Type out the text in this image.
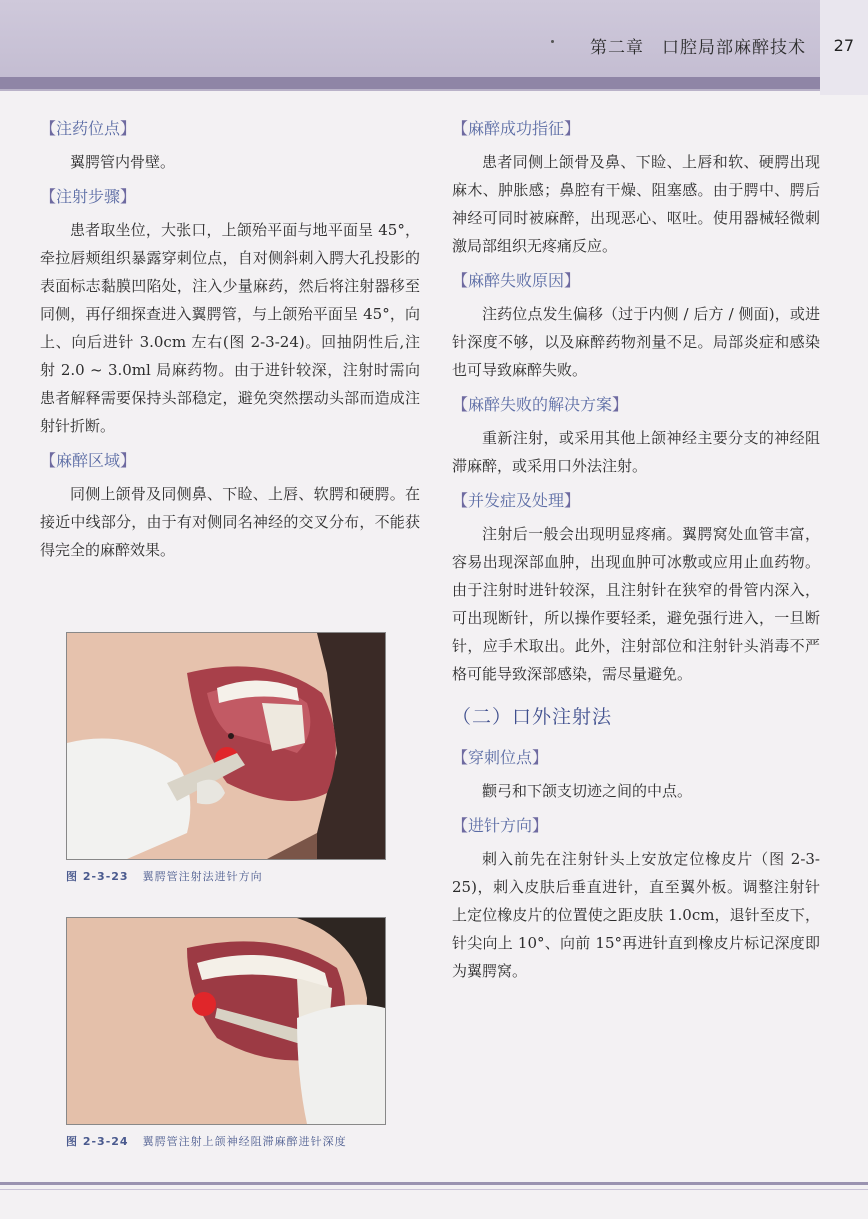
第二章　口腔局部麻醉技术 27
【注药位点】

翼腭管内骨壁。

【注射步骤】

患者取坐位，大张口，上颌殆平面与地平面呈 45°，牵拉唇颊组织暴露穿刺位点，自对侧斜刺入腭大孔投影的表面标志黏膜凹陷处，注入少量麻药，然后将注射器移至同侧，再仔细探查进入翼腭管，与上颌殆平面呈 45°，向上、向后进针 3.0cm 左右(图 2-3-24)。回抽阴性后,注射 2.0 ~ 3.0ml 局麻药物。由于进针较深，注射时需向患者解释需要保持头部稳定，避免突然摆动头部而造成注射针折断。

【麻醉区域】

同侧上颌骨及同侧鼻、下睑、上唇、软腭和硬腭。在接近中线部分，由于有对侧同名神经的交叉分布，不能获得完全的麻醉效果。

图 2-3-23 翼腭管注射法进针方向
图 2-3-24 翼腭管注射上颌神经阻滞麻醉进针深度
【麻醉成功指征】

患者同侧上颌骨及鼻、下睑、上唇和软、硬腭出现麻木、肿胀感；鼻腔有干燥、阻塞感。由于腭中、腭后神经可同时被麻醉，出现恶心、呕吐。使用器械轻微刺激局部组织无疼痛反应。

【麻醉失败原因】

注药位点发生偏移（过于内侧 / 后方 / 侧面)，或进针深度不够，以及麻醉药物剂量不足。局部炎症和感染也可导致麻醉失败。

【麻醉失败的解决方案】

重新注射，或采用其他上颌神经主要分支的神经阻滞麻醉，或采用口外法注射。

【并发症及处理】

注射后一般会出现明显疼痛。翼腭窝处血管丰富，容易出现深部血肿，出现血肿可冰敷或应用止血药物。由于注射时进针较深，且注射针在狭窄的骨管内深入，可出现断针，所以操作要轻柔，避免强行进入，一旦断针，应手术取出。此外，注射部位和注射针头消毒不严格可能导致深部感染，需尽量避免。

（二）口外注射法
【穿刺位点】

颧弓和下颌支切迹之间的中点。

【进针方向】

刺入前先在注射针头上安放定位橡皮片（图 2-3-25)，刺入皮肤后垂直进针，直至翼外板。调整注射针上定位橡皮片的位置使之距皮肤 1.0cm，退针至皮下，针尖向上 10°、向前 15°再进针直到橡皮片标记深度即为翼腭窝。
